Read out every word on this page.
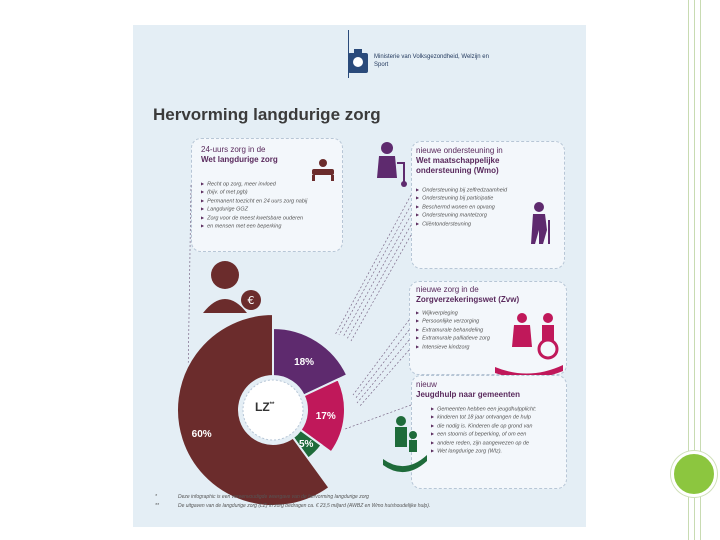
Ministerie van Volksgezondheid, Welzijn en Sport
Hervorming langdurige zorg
24-uurs zorg in de
Wet langdurige zorg
▶ Recht op zorg, meer invloed
▶ (bijv. of met pgb)
▶ Permanent toezicht en 24 uurs zorg nabij
▶ Langdurige GGZ
▶ Zorg voor de meest kwetsbare ouderen
▶ en mensen met een beperking
nieuwe ondersteuning in
Wet maatschappelijke
ondersteuning (Wmo)
▶ Ondersteuning bij zelfredzaamheid
▶ Ondersteuning bij participatie
▶ Beschermd wonen en opvang
▶ Ondersteuning mantelzorg
▶ Cliëntondersteuning
€
nieuwe zorg in de
Zorgverzekeringswet (Zvw)
▶ Wijkverpleging
▶ Persoonlijke verzorging
▶ Extramurale behandeling
▶ Extramurale palliatieve zorg
▶ Intensieve kindzorg
nieuw
Jeugdhulp naar gemeenten
▶ Gemeenten hebben een jeugdhulpplicht:
▶ kinderen tot 18 jaar ontvangen de hulp
▶ die nodig is. Kinderen die op grond van
▶ een stoornis of beperking, of om een
▶ andere reden, zijn aangewezen op de
▶ Wet langdurige zorg (Wlz).
18%
17%
5%
60%
LZ**
*	Deze infographic is een vereenvoudigde weergave van de hervorming langdurige zorg
**	De uitgaven van de langdurige zorg (LZ) in zorg bedragen ca. € 23,5 miljard (AWBZ en Wmo huishoudelijke hulp).
